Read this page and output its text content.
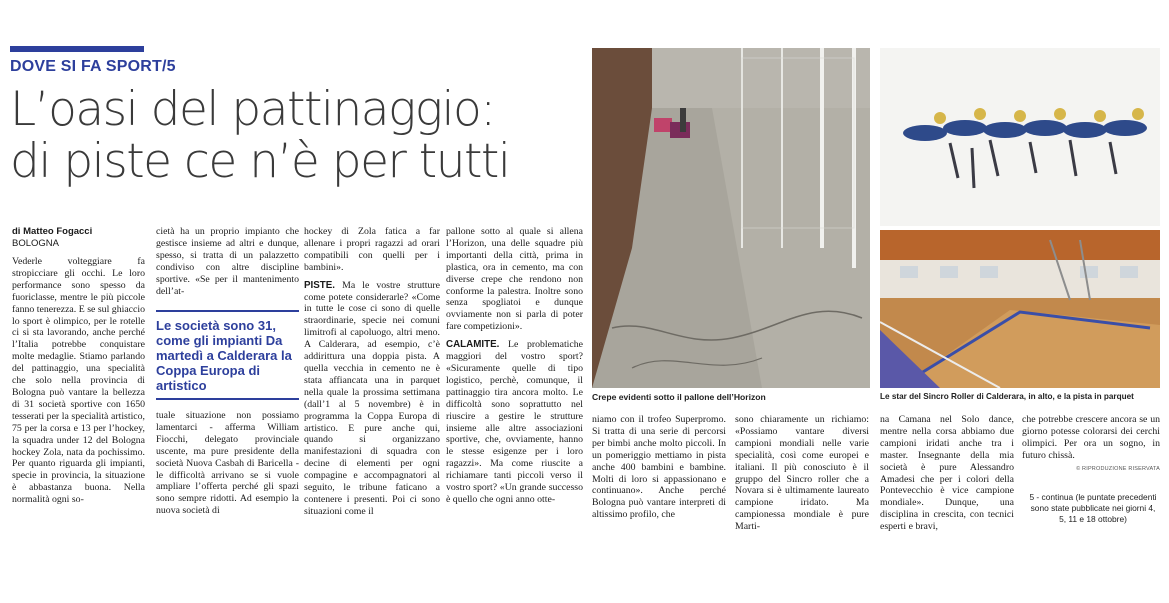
DOVE SI FA SPORT/5
L’oasi del pattinaggio:
di piste ce n’è per tutti
di Matteo Fogacci
BOLOGNA

Vederle volteggiare fa stropicciare gli occhi. Le loro performance sono spesso da fuoriclasse, mentre le più piccole fanno tenerezza. E se sul ghiaccio lo sport è olimpico, per le rotelle ci si sta lavorando, anche perché l’Italia potrebbe conquistare molte medaglie. Stiamo parlando del pattinaggio, una specialità che solo nella provincia di Bologna può vantare la bellezza di 31 società sportive con 1650 tesserati per la specialità artistico, 75 per la corsa e 13 per l’hockey, la squadra under 12 del Bologna hockey Zola, nata da pochissimo. Per quanto riguarda gli impianti, specie in provincia, la situazione è abbastanza buona. Nella normalità ogni so-

cietà ha un proprio impianto che gestisce insieme ad altri e dunque, spesso, si tratta di un palazzetto condiviso con altre discipline sportive. «Se per il mantenimento dell’at-

Le società sono 31, come gli impianti Da martedì a Calderara la Coppa Europa di artistico

tuale situazione non possiamo lamentarci - afferma William Fiocchi, delegato provinciale uscente, ma pure presidente della società Nuova Casbah di Baricella - le difficoltà arrivano se si vuole ampliare l’offerta perché gli spazi sono sempre ridotti. Ad esempio la nuova società di

hockey di Zola fatica a far allenare i propri ragazzi ad orari compatibili con quelli per i bambini».

PISTE. Ma le vostre strutture come potete considerarle? «Come in tutte le cose ci sono di quelle straordinarie, specie nei comuni limitrofi al capoluogo, altri meno. A Calderara, ad esempio, c’è addirittura una doppia pista. A quella vecchia in cemento ne è stata affiancata una in parquet nella quale la prossima settimana (dall’1 al 5 novembre) è in programma la Coppa Europa di artistico. E pure anche qui, quando si organizzano manifestazioni di squadra con decine di elementi per ogni compagine e accompagnatori al seguito, le tribune faticano a contenere i presenti. Poi ci sono situazioni come il

pallone sotto al quale si allena l’Horizon, una delle squadre più importanti della città, prima in plastica, ora in cemento, ma con diverse crepe che rendono non conforme la palestra. Inoltre sono senza spogliatoi e dunque ovviamente non si parla di poter fare competizioni».

CALAMITE. Le problematiche maggiori del vostro sport? «Sicuramente quelle di tipo logistico, perchè, comunque, il pattinaggio tira ancora molto. Le difficoltà sono soprattutto nel riuscire a gestire le strutture insieme alle altre associazioni sportive, che, ovviamente, hanno le stesse esigenze per i loro ragazzi». Ma come riuscite a richiamare tanti piccoli verso il vostro sport? «Un grande successo è quello che ogni anno otte-

Crepe evidenti sotto il pallone dell’Horizon	Le star del Sincro Roller di Calderara, in alto, e la pista in parquet

niamo con il trofeo Superpromo. Si tratta di una serie di percorsi per bimbi anche molto piccoli. In un pomeriggio mettiamo in pista anche 400 bambini e bambine. Molti di loro si appassionano e continuano». Anche perché Bologna può vantare interpreti di altissimo profilo, che

sono chiaramente un richiamo: «Possiamo vantare diversi campioni mondiali nelle varie specialità, così come europei e italiani. Il più conosciuto è il gruppo del Sincro roller che a Novara si è ultimamente laureato campione iridato. Ma campionessa mondiale è pure Marti-

na Camana nel Solo dance, mentre nella corsa abbiamo due campioni iridati anche tra i master. Insegnante della mia società è pure Alessandro Amadesi che per i colori della Pontevecchio è vice campione mondiale». Dunque, una disciplina in crescita, con tecnici esperti e bravi,

che potrebbe crescere ancora se un giorno potesse colorarsi dei cerchi olimpici. Per ora un sogno, in futuro chissà.

© RIPRODUZIONE RISERVATA
5 - continua (le puntate precedenti sono state pubblicate nei giorni 4, 5, 11 e 18 ottobre)
